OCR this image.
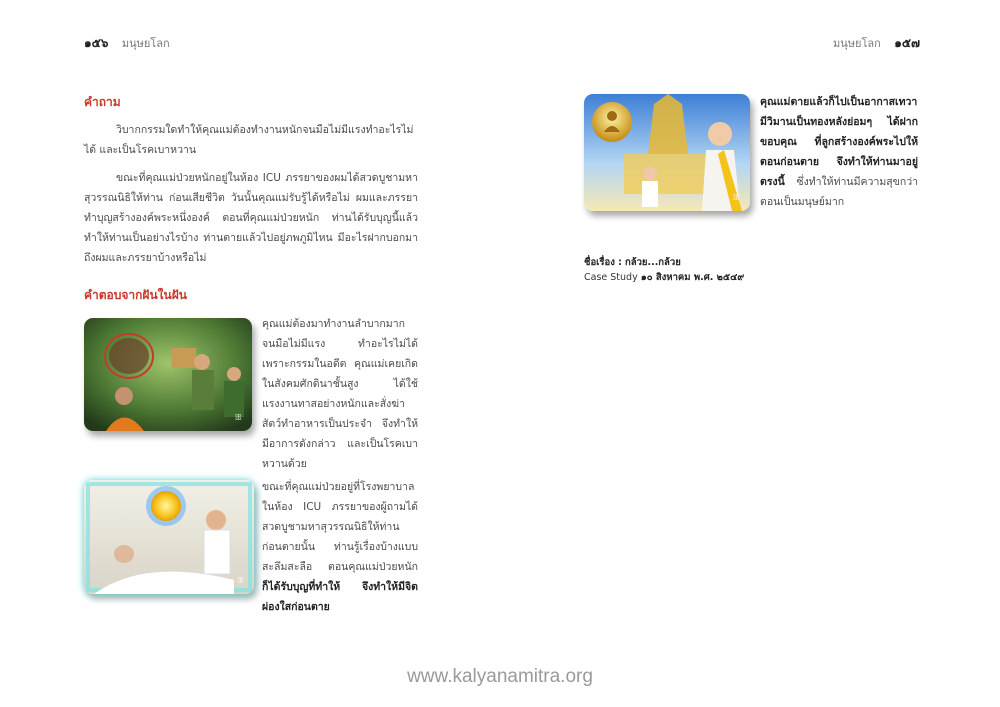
๑๕๖ มนุษยโลก	มนุษยโลก ๑๕๗
คำถาม

วิบากกรรมใดทำให้คุณแม่ต้องทำงานหนักจนมือไม่มีแรงทำอะไรไม่ได้ และเป็นโรคเบาหวาน

ขณะที่คุณแม่ป่วยหนักอยู่ในห้อง ICU ภรรยาของผมได้สวดบูชามหาสุวรรณนิธิให้ท่าน ก่อนเสียชีวิต วันนั้นคุณแม่รับรู้ได้หรือไม่ ผมและภรรยาทำบุญสร้างองค์พระหนึ่งองค์ ตอนที่คุณแม่ป่วยหนัก ท่านได้รับบุญนี้แล้ว ทำให้ท่านเป็นอย่างไรบ้าง ท่านตายแล้วไปอยู่ภพภูมิไหน มีอะไรฝากบอกมาถึงผมและภรรยาบ้างหรือไม่

คำตอบจากฝันในฝัน
ꕥ

คุณแม่ต้องมาทำงานลำบากมากจนมือไม่มีแรง ทำอะไรไม่ได้ เพราะกรรมในอดีต คุณแม่เคยเกิดในสังคมศักดินาชั้นสูง ได้ใช้แรงงานทาสอย่างหนักและสั่งฆ่าสัตว์ทำอาหารเป็นประจำ จึงทำให้มีอาการดังกล่าว และเป็นโรคเบาหวานด้วย

ꕥ

ขณะที่คุณแม่ป่วยอยู่ที่โรงพยาบาลในห้อง ICU ภรรยาของผู้ถามได้สวดบูชามหาสุวรรณนิธิให้ท่านก่อนตายนั้น ท่านรู้เรื่องบ้างแบบสะลึมสะลือ ตอนคุณแม่ป่วยหนัก ก็ได้รับบุญที่ทำให้ จึงทำให้มีจิตผ่องใสก่อนตาย

ꕥ

คุณแม่ตายแล้วก็ไปเป็นอากาสเทวา มีวิมานเป็นทองหลังย่อมๆ ได้ฝากขอบคุณ ที่ลูกสร้างองค์พระไปให้ตอนก่อนตาย จึงทำให้ท่านมาอยู่ตรงนี้ ซึ่งทำให้ท่านมีความสุขกว่าตอนเป็นมนุษย์มาก

ชื่อเรื่อง : กล้วย...กล้วย
Case Study ๑๐ สิงหาคม พ.ศ. ๒๕๔๙
www.kalyanamitra.org
